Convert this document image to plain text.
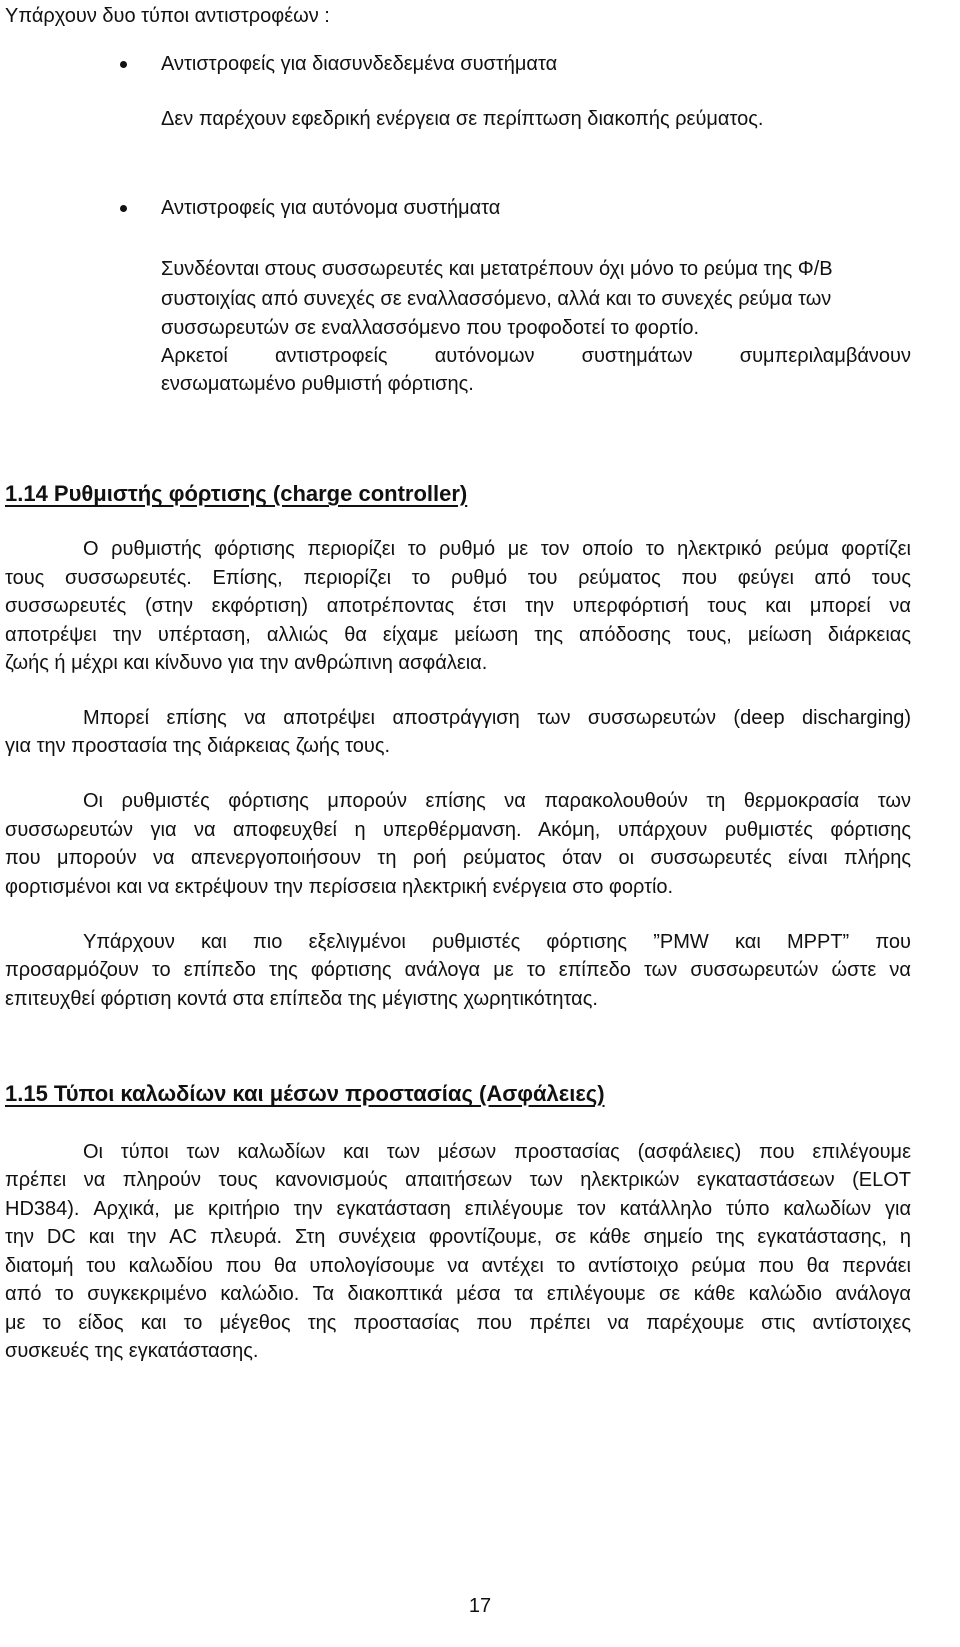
Υπάρχουν δυο τύποι αντιστροφέων :
Αντιστροφείς για διασυνδεδεμένα συστήματα
Δεν παρέχουν εφεδρική ενέργεια σε περίπτωση διακοπής ρεύματος.
Αντιστροφείς για αυτόνομα συστήματα
Συνδέονται στους συσσωρευτές και μετατρέπουν όχι μόνο το ρεύμα της Φ/Β
συστοιχίας από συνεχές σε εναλλασσόμενο, αλλά και το συνεχές ρεύμα των
συσσωρευτών σε εναλλασσόμενο που τροφοδοτεί το φορτίο.
Αρκετοί αντιστροφείς αυτόνομων συστημάτων συμπεριλαμβάνουν
ενσωματωμένο ρυθμιστή φόρτισης.
1.14 Ρυθμιστής φόρτισης (charge controller)
Ο ρυθμιστής φόρτισης περιορίζει το ρυθμό με τον οποίο το ηλεκτρικό ρεύμα φορτίζει
τους συσσωρευτές. Επίσης, περιορίζει το ρυθμό του ρεύματος που φεύγει από τους
συσσωρευτές (στην εκφόρτιση) αποτρέποντας έτσι την υπερφόρτισή τους και μπορεί να
αποτρέψει την υπέρταση, αλλιώς θα είχαμε μείωση της απόδοσης τους, μείωση διάρκειας
ζωής ή μέχρι και κίνδυνο για την ανθρώπινη ασφάλεια.
Μπορεί επίσης να αποτρέψει αποστράγγιση των συσσωρευτών (deep discharging)
για την προστασία της διάρκειας ζωής τους.
Οι ρυθμιστές φόρτισης μπορούν επίσης να παρακολουθούν τη θερμοκρασία των
συσσωρευτών για να αποφευχθεί η υπερθέρμανση. Ακόμη, υπάρχουν ρυθμιστές φόρτισης
που μπορούν να απενεργοποιήσουν τη ροή ρεύματος όταν οι συσσωρευτές είναι πλήρης
φορτισμένοι και να εκτρέψουν την περίσσεια ηλεκτρική ενέργεια στο φορτίο.
Υπάρχουν και πιο εξελιγμένοι ρυθμιστές φόρτισης ”PMW και MPPT” που
προσαρμόζουν το επίπεδο της φόρτισης ανάλογα με το επίπεδο των συσσωρευτών ώστε να
επιτευχθεί φόρτιση κοντά στα επίπεδα της μέγιστης χωρητικότητας.
1.15 Τύποι καλωδίων και μέσων προστασίας (Ασφάλειες)
Οι τύποι των καλωδίων και των μέσων προστασίας (ασφάλειες) που επιλέγουμε
πρέπει να πληρούν τους κανονισμούς απαιτήσεων των ηλεκτρικών εγκαταστάσεων (ELOT
HD384). Αρχικά, με κριτήριο την εγκατάσταση επιλέγουμε τον κατάλληλο τύπο καλωδίων για
την DC και την AC πλευρά. Στη συνέχεια φροντίζουμε, σε κάθε σημείο της εγκατάστασης, η
διατομή του καλωδίου που θα υπολογίσουμε να αντέχει το αντίστοιχο ρεύμα που θα περνάει
από το συγκεκριμένο καλώδιο. Τα διακοπτικά μέσα τα επιλέγουμε σε κάθε καλώδιο ανάλογα
με το είδος και το μέγεθος της προστασίας που πρέπει να παρέχουμε στις αντίστοιχες
συσκευές της εγκατάστασης.
17
